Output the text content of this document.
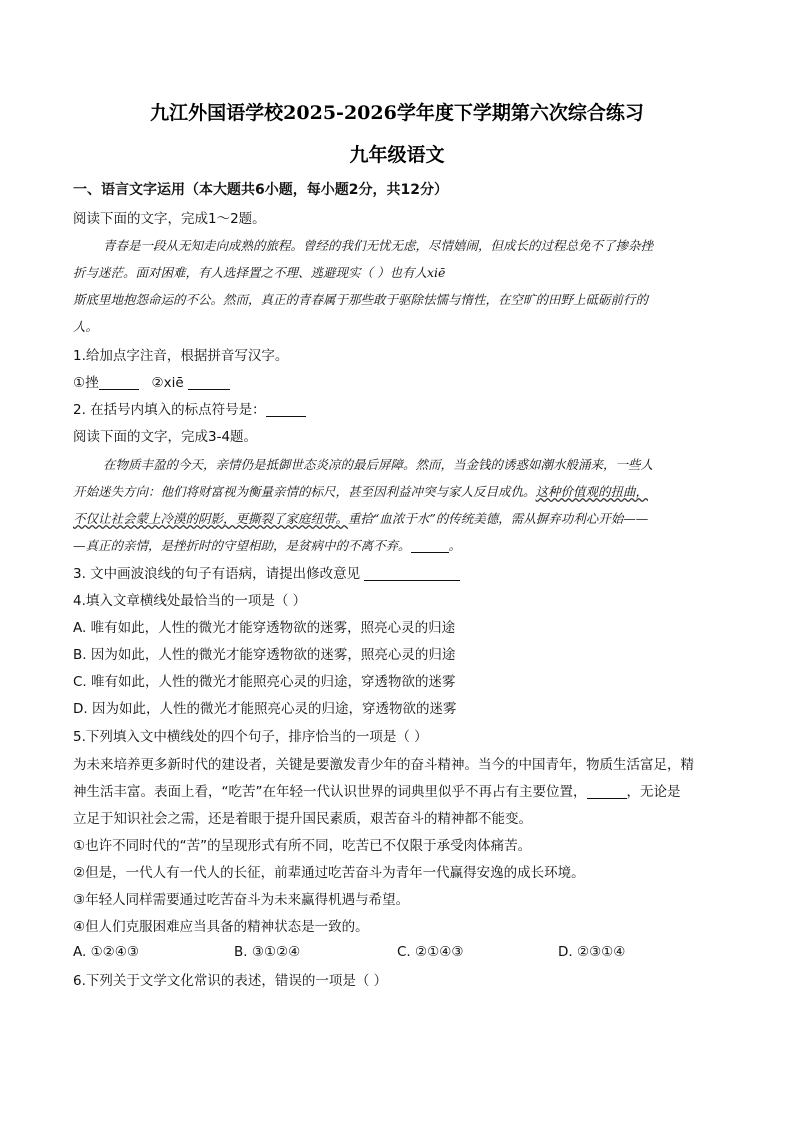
九江外国语学校2025-2026学年度下学期第六次综合练习
九年级语文
一、语言文字运用（本大题共6小题，每小题2分，共12分）
阅读下面的文字，完成1～2题。
青春是一段从无知走向成熟的旅程。曾经的我们无忧无虑，尽情嬉闹，但成长的过程总免不了掺杂挫
折与迷茫。面对困难，有人选择置之不理、逃避现实（ ）也有人xiē
斯底里地抱怨命运的不公。然而，真正的青春属于那些敢于驱除怯懦与惰性，在空旷的田野上砥砺前行的
人。
1.给加点字注音，根据拼音写汉字。
①挫	②xiē
2. 在括号内填入的标点符号是：
阅读下面的文字，完成3-4题。
在物质丰盈的今天，亲情仍是抵御世态炎凉的最后屏障。然而，当金钱的诱惑如潮水般涌来，一些人
开始迷失方向：他们将财富视为衡量亲情的标尺，甚至因利益冲突与家人反目成仇。这种价值观的扭曲，
不仅让社会蒙上冷漠的阴影，更撕裂了家庭纽带。重拾“血浓于水”的传统美德，需从摒弃功利心开始——
—真正的亲情，是挫折时的守望相助，是贫病中的不离不弃。	。
3. 文中画波浪线的句子有语病，请提出修改意见
4.填入文章横线处最恰当的一项是（ ）
A. 唯有如此，人性的微光才能穿透物欲的迷雾，照亮心灵的归途
B. 因为如此，人性的微光才能穿透物欲的迷雾，照亮心灵的归途
C. 唯有如此，人性的微光才能照亮心灵的归途，穿透物欲的迷雾
D. 因为如此，人性的微光才能照亮心灵的归途，穿透物欲的迷雾
5.下列填入文中横线处的四个句子，排序恰当的一项是（ ）
为未来培养更多新时代的建设者，关键是要激发青少年的奋斗精神。当今的中国青年，物质生活富足，精
神生活丰富。表面上看，“吃苦”在年轻一代认识世界的词典里似乎不再占有主要位置，	，无论是
立足于知识社会之需，还是着眼于提升国民素质，艰苦奋斗的精神都不能变。
①也许不同时代的“苦”的呈现形式有所不同，吃苦已不仅限于承受肉体痛苦。
②但是，一代人有一代人的长征，前辈通过吃苦奋斗为青年一代赢得安逸的成长环境。
③年轻人同样需要通过吃苦奋斗为未来赢得机遇与希望。
④但人们克服困难应当具备的精神状态是一致的。
A. ①②④③	B. ③①②④	C. ②①④③	D. ②③①④
6.下列关于文学文化常识的表述，错误的一项是（ ）
